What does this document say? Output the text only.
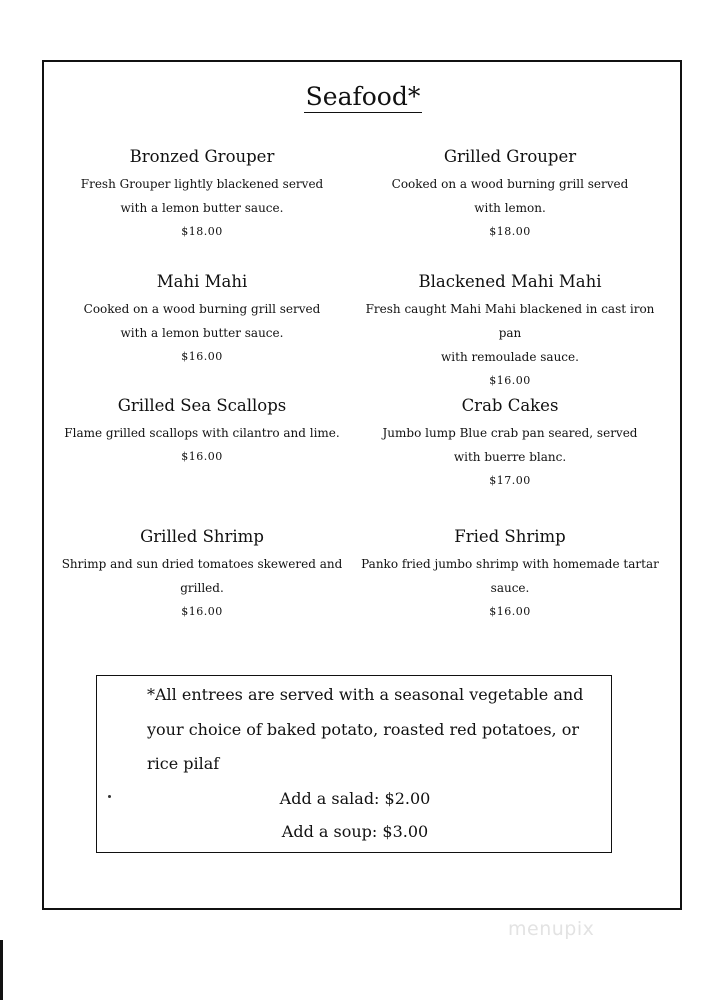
Seafood*
Bronzed Grouper
Fresh Grouper lightly blackened served
with a lemon butter sauce.
$18.00
Grilled Grouper
Cooked on a wood burning grill served
with lemon.
$18.00
Mahi Mahi
Cooked on a wood burning grill served
with a lemon butter sauce.
$16.00
Blackened Mahi Mahi
Fresh caught Mahi Mahi blackened in cast iron pan
with remoulade sauce.
$16.00
Grilled Sea Scallops
Flame grilled scallops with cilantro and lime.
$16.00
Crab Cakes
Jumbo lump Blue crab pan seared, served
with buerre blanc.
$17.00
Grilled Shrimp
Shrimp and sun dried tomatoes skewered and
grilled.
$16.00
Fried Shrimp
Panko fried jumbo shrimp with homemade tartar
sauce.
$16.00
*All entrees are served with a seasonal vegetable and
your choice of baked potato, roasted red potatoes, or
rice pilaf
Add a salad: $2.00
Add a soup: $3.00
menupix
